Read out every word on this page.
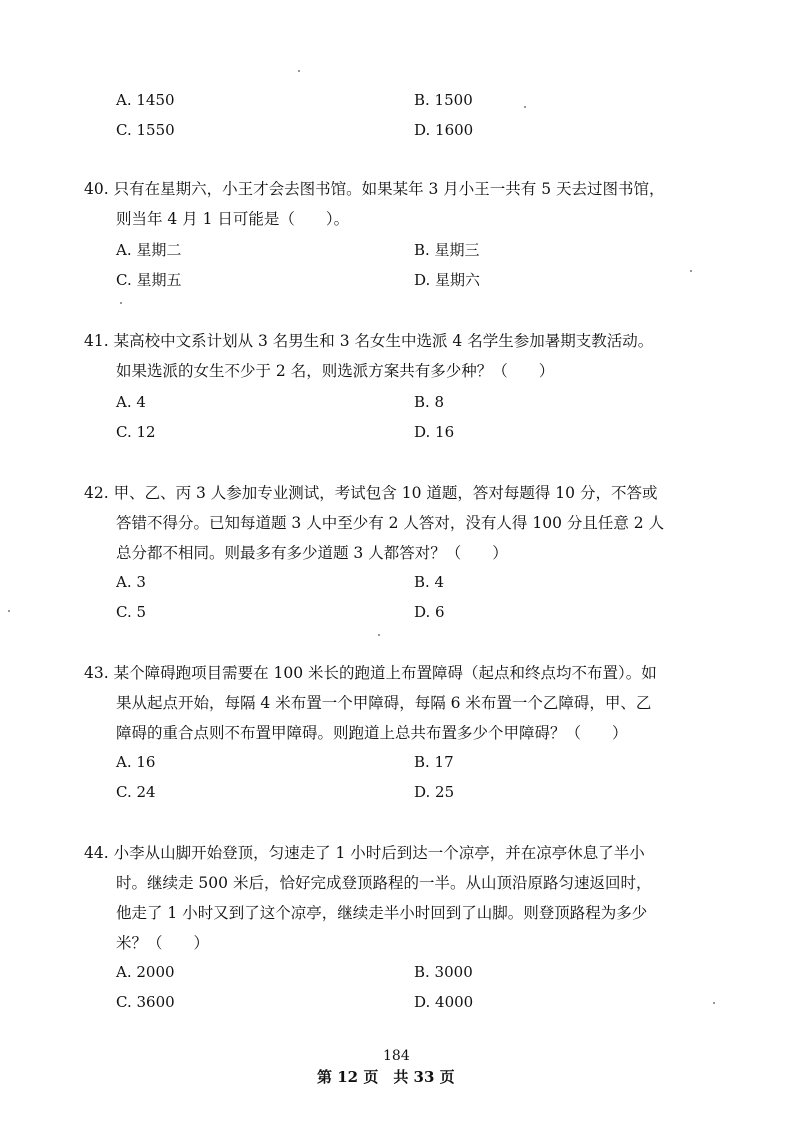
A. 1450	B. 1500
C. 1550	D. 1600
40. 只有在星期六，小王才会去图书馆。如果某年 3 月小王一共有 5 天去过图书馆，
则当年 4 月 1 日可能是（　　）。
A. 星期二	B. 星期三
C. 星期五	D. 星期六
41. 某高校中文系计划从 3 名男生和 3 名女生中选派 4 名学生参加暑期支教活动。
如果选派的女生不少于 2 名，则选派方案共有多少种？（　　）
A. 4	B. 8
C. 12	D. 16
42. 甲、乙、丙 3 人参加专业测试，考试包含 10 道题，答对每题得 10 分，不答或
答错不得分。已知每道题 3 人中至少有 2 人答对，没有人得 100 分且任意 2 人
总分都不相同。则最多有多少道题 3 人都答对？（　　）
A. 3	B. 4
C. 5	D. 6
43. 某个障碍跑项目需要在 100 米长的跑道上布置障碍（起点和终点均不布置）。如
果从起点开始，每隔 4 米布置一个甲障碍，每隔 6 米布置一个乙障碍，甲、乙
障碍的重合点则不布置甲障碍。则跑道上总共布置多少个甲障碍？（　　）
A. 16	B. 17
C. 24	D. 25
44. 小李从山脚开始登顶，匀速走了 1 小时后到达一个凉亭，并在凉亭休息了半小
时。继续走 500 米后，恰好完成登顶路程的一半。从山顶沿原路匀速返回时，
他走了 1 小时又到了这个凉亭，继续走半小时回到了山脚。则登顶路程为多少
米？（　　）
A. 2000	B. 3000
C. 3600	D. 4000
184
第 12 页　共 33 页
